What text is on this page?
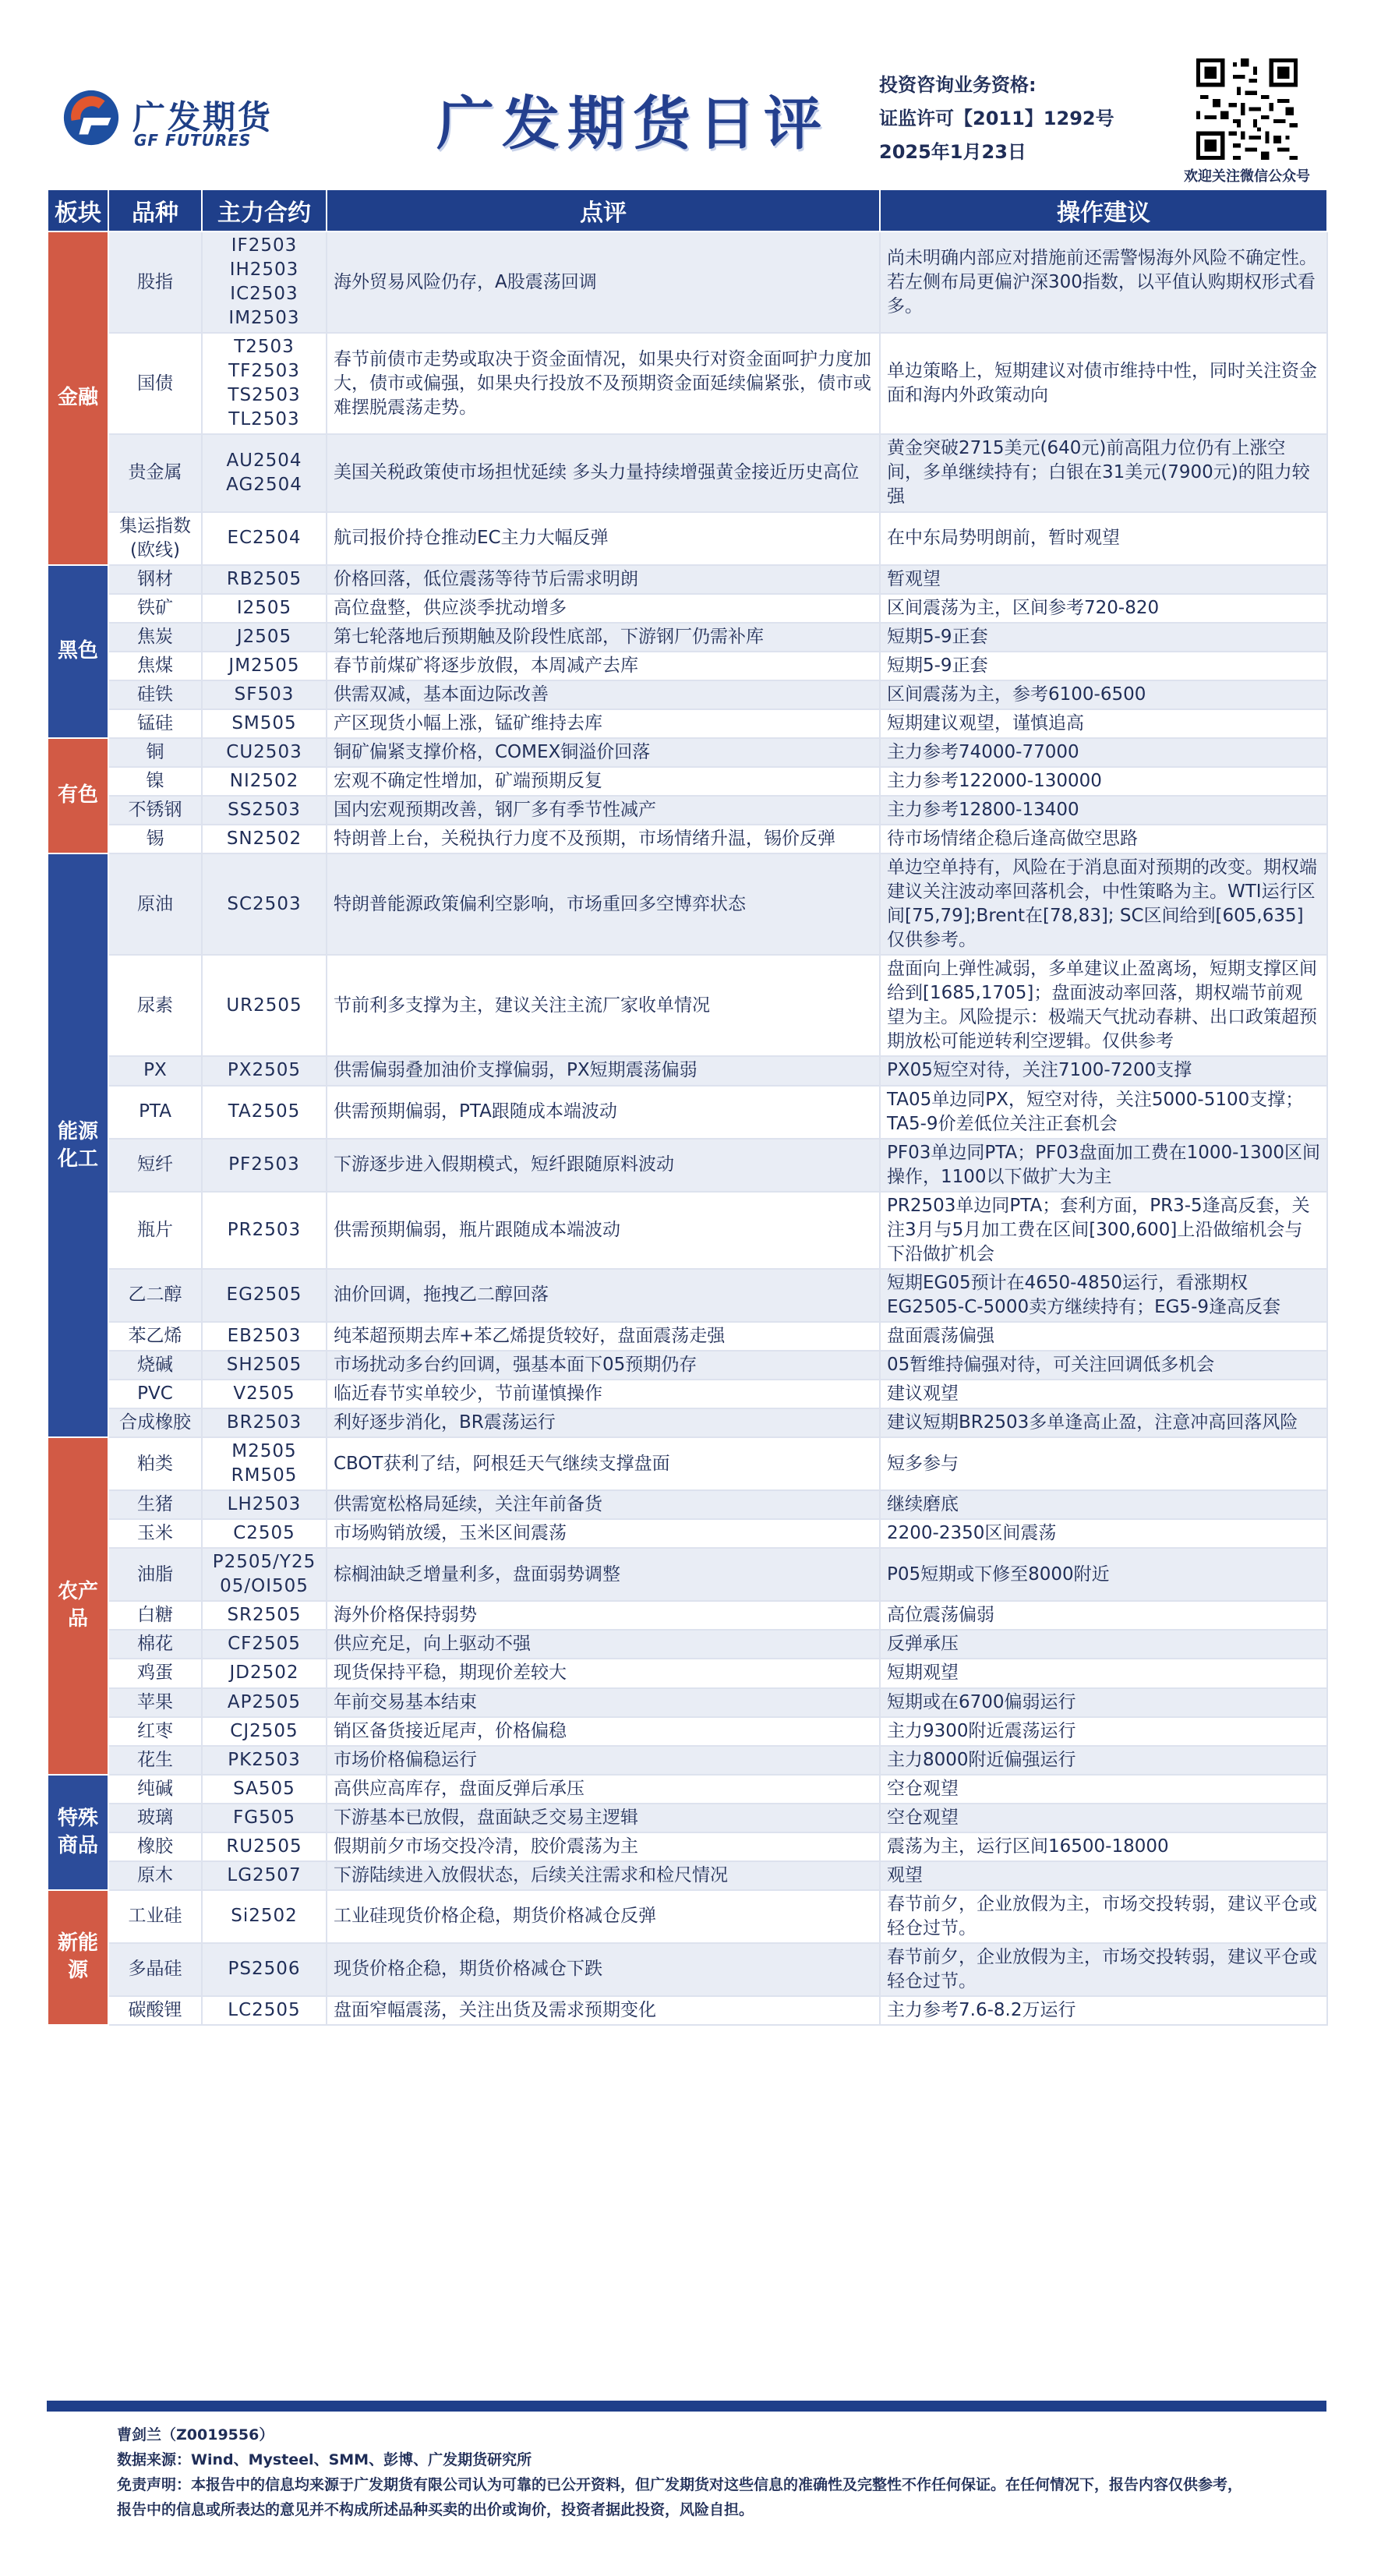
广发期货
GF FUTURES	广发期货日评
投资咨询业务资格:
证监许可【2011】1292号
2025年1月23日
欢迎关注微信公众号
板块	品种	主力合约	点评	操作建议
金融	股指	IF2503
IH2503
IC2503
IM2503	海外贸易风险仍存，A股震荡回调	尚未明确内部应对措施前还需警惕海外风险不确定性。若左侧布局更偏沪深300指数，以平值认购期权形式看多。
	国债	T2503
TF2503
TS2503
TL2503	春节前债市走势或取决于资金面情况，如果央行对资金面呵护力度加大，债市或偏强，如果央行投放不及预期资金面延续偏紧张，债市或难摆脱震荡走势。	单边策略上，短期建议对债市维持中性，同时关注资金面和海内外政策动向
	贵金属	AU2504
AG2504	美国关税政策使市场担忧延续 多头力量持续增强黄金接近历史高位	黄金突破2715美元(640元)前高阻力位仍有上涨空间，多单继续持有；白银在31美元(7900元)的阻力较强
	集运指数
(欧线)	EC2504	航司报价持仓推动EC主力大幅反弹	在中东局势明朗前，暂时观望
黑色	钢材	RB2505	价格回落，低位震荡等待节后需求明朗	暂观望
	铁矿	I2505	高位盘整，供应淡季扰动增多	区间震荡为主，区间参考720-820
	焦炭	J2505	第七轮落地后预期触及阶段性底部，下游钢厂仍需补库	短期5-9正套
	焦煤	JM2505	春节前煤矿将逐步放假，本周减产去库	短期5-9正套
	硅铁	SF503	供需双减，基本面边际改善	区间震荡为主，参考6100-6500
	锰硅	SM505	产区现货小幅上涨，锰矿维持去库	短期建议观望，谨慎追高
有色	铜	CU2503	铜矿偏紧支撑价格，COMEX铜溢价回落	主力参考74000-77000
	镍	NI2502	宏观不确定性增加，矿端预期反复	主力参考122000-130000
	不锈钢	SS2503	国内宏观预期改善，钢厂多有季节性减产	主力参考12800-13400
	锡	SN2502	特朗普上台，关税执行力度不及预期，市场情绪升温，锡价反弹	待市场情绪企稳后逢高做空思路
能源
化工	原油	SC2503	特朗普能源政策偏利空影响，市场重回多空博弈状态	单边空单持有，风险在于消息面对预期的改变。期权端建议关注波动率回落机会，中性策略为主。WTI运行区间[75,79];Brent在[78,83]; SC区间给到[605,635]仅供参考。
	尿素	UR2505	节前利多支撑为主，建议关注主流厂家收单情况	盘面向上弹性减弱，多单建议止盈离场，短期支撑区间给到[1685,1705]；盘面波动率回落，期权端节前观望为主。风险提示：极端天气扰动春耕、出口政策超预期放松可能逆转利空逻辑。仅供参考
	PX	PX2505	供需偏弱叠加油价支撑偏弱，PX短期震荡偏弱	PX05短空对待，关注7100-7200支撑
	PTA	TA2505	供需预期偏弱，PTA跟随成本端波动	TA05单边同PX，短空对待，关注5000-5100支撑；TA5-9价差低位关注正套机会
	短纤	PF2503	下游逐步进入假期模式，短纤跟随原料波动	PF03单边同PTA；PF03盘面加工费在1000-1300区间操作，1100以下做扩大为主
	瓶片	PR2503	供需预期偏弱，瓶片跟随成本端波动	PR2503单边同PTA；套利方面，PR3-5逢高反套，关注3月与5月加工费在区间[300,600]上沿做缩机会与下沿做扩机会
	乙二醇	EG2505	油价回调，拖拽乙二醇回落	短期EG05预计在4650-4850运行，看涨期权EG2505-C-5000卖方继续持有；EG5-9逢高反套
	苯乙烯	EB2503	纯苯超预期去库+苯乙烯提货较好，盘面震荡走强	盘面震荡偏强
	烧碱	SH2505	市场扰动多台约回调，强基本面下05预期仍存	05暂维持偏强对待，可关注回调低多机会
	PVC	V2505	临近春节实单较少，节前谨慎操作	建议观望
	合成橡胶	BR2503	利好逐步消化，BR震荡运行	建议短期BR2503多单逢高止盈，注意冲高回落风险
农产品	粕类	M2505
RM505	CBOT获利了结，阿根廷天气继续支撑盘面	短多参与
	生猪	LH2503	供需宽松格局延续，关注年前备货	继续磨底
	玉米	C2505	市场购销放缓，玉米区间震荡	2200-2350区间震荡
	油脂	P2505/Y25
05/OI505	棕榈油缺乏增量利多，盘面弱势调整	P05短期或下修至8000附近
	白糖	SR2505	海外价格保持弱势	高位震荡偏弱
	棉花	CF2505	供应充足，向上驱动不强	反弹承压
	鸡蛋	JD2502	现货保持平稳，期现价差较大	短期观望
	苹果	AP2505	年前交易基本结束	短期或在6700偏弱运行
	红枣	CJ2505	销区备货接近尾声，价格偏稳	主力9300附近震荡运行
	花生	PK2503	市场价格偏稳运行	主力8000附近偏强运行
特殊
商品	纯碱	SA505	高供应高库存，盘面反弹后承压	空仓观望
	玻璃	FG505	下游基本已放假，盘面缺乏交易主逻辑	空仓观望
	橡胶	RU2505	假期前夕市场交投冷清，胶价震荡为主	震荡为主，运行区间16500-18000
	原木	LG2507	下游陆续进入放假状态，后续关注需求和检尺情况	观望
新能源	工业硅	Si2502	工业硅现货价格企稳，期货价格减仓反弹	春节前夕，企业放假为主，市场交投转弱，建议平仓或轻仓过节。
	多晶硅	PS2506	现货价格企稳，期货价格减仓下跌	春节前夕，企业放假为主，市场交投转弱，建议平仓或轻仓过节。
	碳酸锂	LC2505	盘面窄幅震荡，关注出货及需求预期变化	主力参考7.6-8.2万运行
曹剑兰（Z0019556）
数据来源：Wind、Mysteel、SMM、彭博、广发期货研究所
免责声明：本报告中的信息均来源于广发期货有限公司认为可靠的已公开资料，但广发期货对这些信息的准确性及完整性不作任何保证。在任何情况下，报告内容仅供参考，
报告中的信息或所表达的意见并不构成所述品种买卖的出价或询价，投资者据此投资，风险自担。
